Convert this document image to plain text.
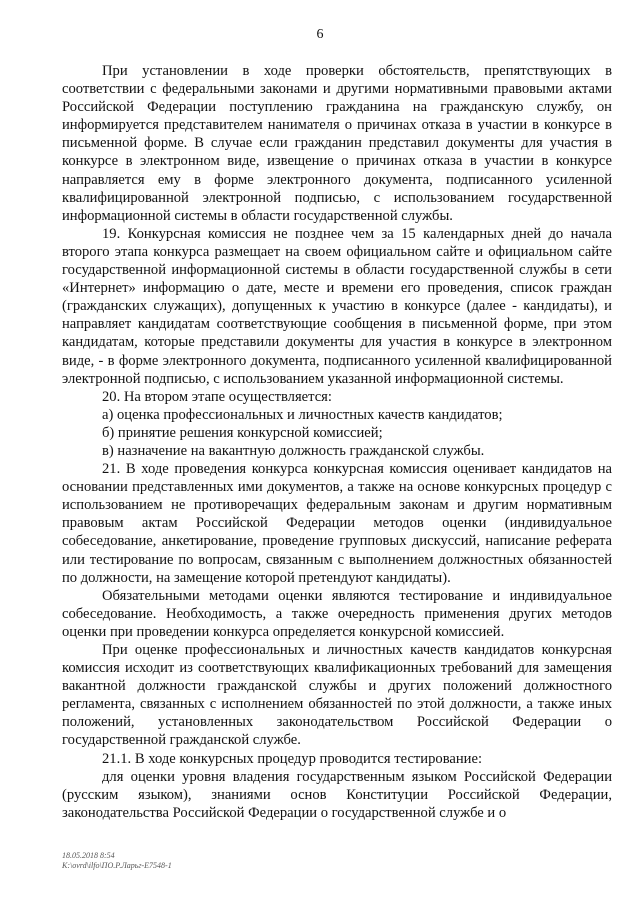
6

При установлении в ходе проверки обстоятельств, препятствующих в соответствии с федеральными законами и другими нормативными правовыми актами Российской Федерации поступлению гражданина на гражданскую службу, он информируется представителем нанимателя о причинах отказа в участии в конкурсе в письменной форме. В случае если гражданин представил документы для участия в конкурсе в электронном виде, извещение о причинах отказа в участии в конкурсе направляется ему в форме электронного документа, подписанного усиленной квалифицированной электронной подписью, с использованием государственной информационной системы в области государственной службы.

19. Конкурсная комиссия не позднее чем за 15 календарных дней до начала второго этапа конкурса размещает на своем официальном сайте и официальном сайте государственной информационной системы в области государственной службы в сети «Интернет» информацию о дате, месте и времени его проведения, список граждан (гражданских служащих), допущенных к участию в конкурсе (далее - кандидаты), и направляет кандидатам соответствующие сообщения в письменной форме, при этом кандидатам, которые представили документы для участия в конкурсе в электронном виде, - в форме электронного документа, подписанного усиленной квалифицированной электронной подписью, с использованием указанной информационной системы.

20. На втором этапе осуществляется:

а) оценка профессиональных и личностных качеств кандидатов;

б) принятие решения конкурсной комиссией;

в) назначение на вакантную должность гражданской службы.

21. В ходе проведения конкурса конкурсная комиссия оценивает кандидатов на основании представленных ими документов, а также на основе конкурсных процедур с использованием не противоречащих федеральным законам и другим нормативным правовым актам Российской Федерации методов оценки (индивидуальное собеседование, анкетирование, проведение групповых дискуссий, написание реферата или тестирование по вопросам, связанным с выполнением должностных обязанностей по должности, на замещение которой претендуют кандидаты).

Обязательными методами оценки являются тестирование и индивидуальное собеседование. Необходимость, а также очередность применения других методов оценки при проведении конкурса определяется конкурсной комиссией.

При оценке профессиональных и личностных качеств кандидатов конкурсная комиссия исходит из соответствующих квалификационных требований для замещения вакантной должности гражданской службы и других положений должностного регламента, связанных с исполнением обязанностей по этой должности, а также иных положений, установленных законодательством Российской Федерации о государственной гражданской службе.

21.1. В ходе конкурсных процедур проводится тестирование:

для оценки уровня владения государственным языком Российской Федерации (русским языком), знаниями основ Конституции Российской Федерации, законодательства Российской Федерации о государственной службе и о

18.05.2018 8:54
К:\ovrd\ilfo\ПО.Р.Ларьг-Е7548-1
